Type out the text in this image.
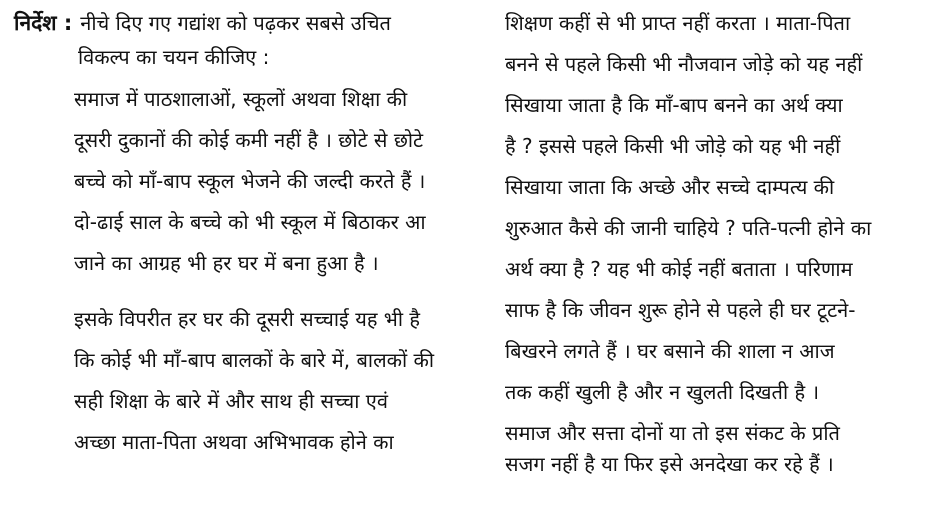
निर्देश : नीचे दिए गए गद्यांश को पढ़कर सबसे उचित
विकल्प का चयन कीजिए :
समाज में पाठशालाओं, स्कूलों अथवा शिक्षा की
दूसरी दुकानों की कोई कमी नहीं है । छोटे से छोटे
बच्चे को माँ-बाप स्कूल भेजने की जल्दी करते हैं ।
दो-ढाई साल के बच्चे को भी स्कूल में बिठाकर आ
जाने का आग्रह भी हर घर में बना हुआ है ।
इसके विपरीत हर घर की दूसरी सच्चाई यह भी है
कि कोई भी माँ-बाप बालकों के बारे में, बालकों की
सही शिक्षा के बारे में और साथ ही सच्चा एवं
अच्छा माता-पिता अथवा अभिभावक होने का
शिक्षण कहीं से भी प्राप्त नहीं करता । माता-पिता
बनने से पहले किसी भी नौजवान जोड़े को यह नहीं
सिखाया जाता है कि माँ-बाप बनने का अर्थ क्या
है ? इससे पहले किसी भी जोड़े को यह भी नहीं
सिखाया जाता कि अच्छे और सच्चे दाम्पत्य की
शुरुआत कैसे की जानी चाहिये ? पति-पत्नी होने का
अर्थ क्या है ? यह भी कोई नहीं बताता । परिणाम
साफ है कि जीवन शुरू होने से पहले ही घर टूटने-
बिखरने लगते हैं । घर बसाने की शाला न आज
तक कहीं खुली है और न खुलती दिखती है ।
समाज और सत्ता दोनों या तो इस संकट के प्रति
सजग नहीं है या फिर इसे अनदेखा कर रहे हैं ।
